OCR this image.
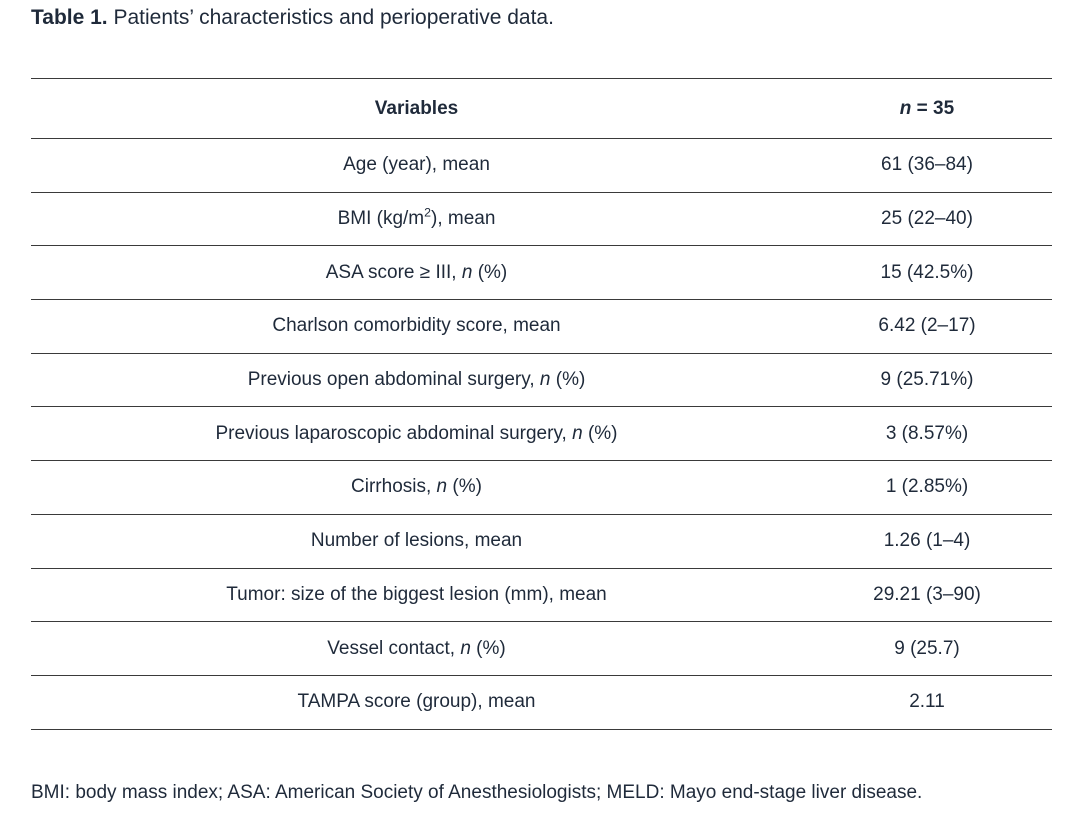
Table 1. Patients’ characteristics and perioperative data.
Variables	n = 35
Age (year), mean	61 (36–84)
BMI $(kg/m^2)$, mean	25 (22–40)
ASA score ≥ III, n (%)	15 (42.5%)
Charlson comorbidity score, mean	6.42 (2–17)
Previous open abdominal surgery, n (%)	9 (25.71%)
Previous laparoscopic abdominal surgery, n (%)	3 (8.57%)
Cirrhosis, n (%)	1 (2.85%)
Number of lesions, mean	1.26 (1–4)
Tumor: size of the biggest lesion (mm), mean	29.21 (3–90)
Vessel contact, n (%)	9 (25.7)
TAMPA score (group), mean	2.11
BMI: body mass index; ASA: American Society of Anesthesiologists; MELD: Mayo end-stage liver disease.
